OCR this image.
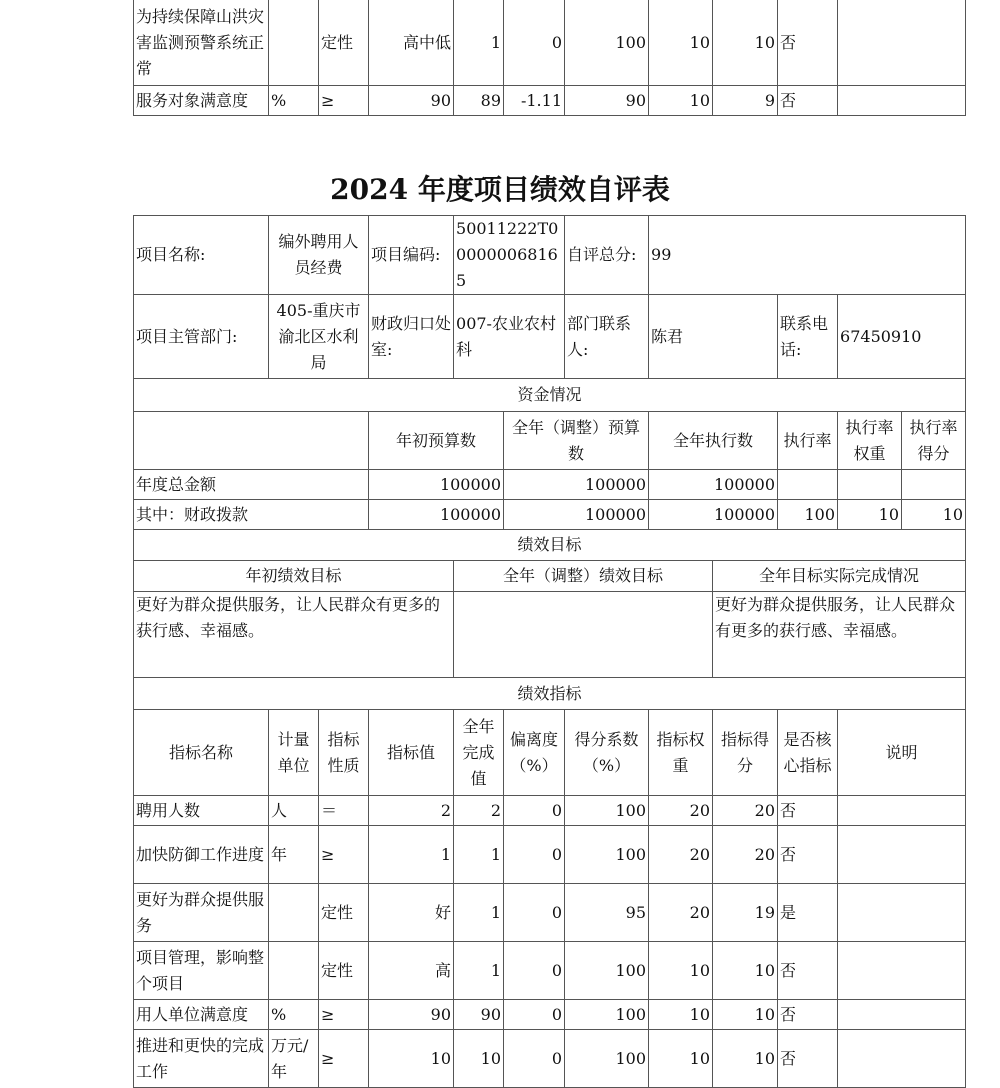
为持续保障山洪灾害监测预警系统正常		定性	高中低	1	0	100	10	10	否	
服务对象满意度	%	≥	90	89	-1.11	90	10	9	否	
2024 年度项目绩效自评表
项目名称:	编外聘用人员经费		项目编码:	50011222T000000068165		自评总分:	99				
项目主管部门:	405-重庆市渝北区水利局		财政归口处室:	007-农业农村科		部门联系人:	陈君		联系电话:	67450910	
资金情况											
			年初预算数		全年（调整）预算数		全年执行数		执行率	执行率权重	执行率得分
年度总金额			100000		100000		100000				
其中：财政拨款			100000		100000		100000		100	10	10
绩效目标											
年初绩效目标				全年（调整）绩效目标				全年目标实际完成情况			
更好为群众提供服务，让人民群众有更多的获行感、幸福感。								更好为群众提供服务，让人民群众有更多的获行感、幸福感。			
绩效指标											
指标名称	计量单位	指标性质	指标值	全年完成值	偏离度（%）	得分系数（%）	指标权重	指标得分	是否核心指标	说明	
聘用人数	人	＝	2	2	0	100	20	20	否		
加快防御工作进度	年	≥	1	1	0	100	20	20	否		
更好为群众提供服务		定性	好	1	0	95	20	19	是		
项目管理，影响整个项目		定性	高	1	0	100	10	10	否		
用人单位满意度	%	≥	90	90	0	100	10	10	否		
推进和更快的完成工作	万元/年	≥	10	10	0	100	10	10	否		
